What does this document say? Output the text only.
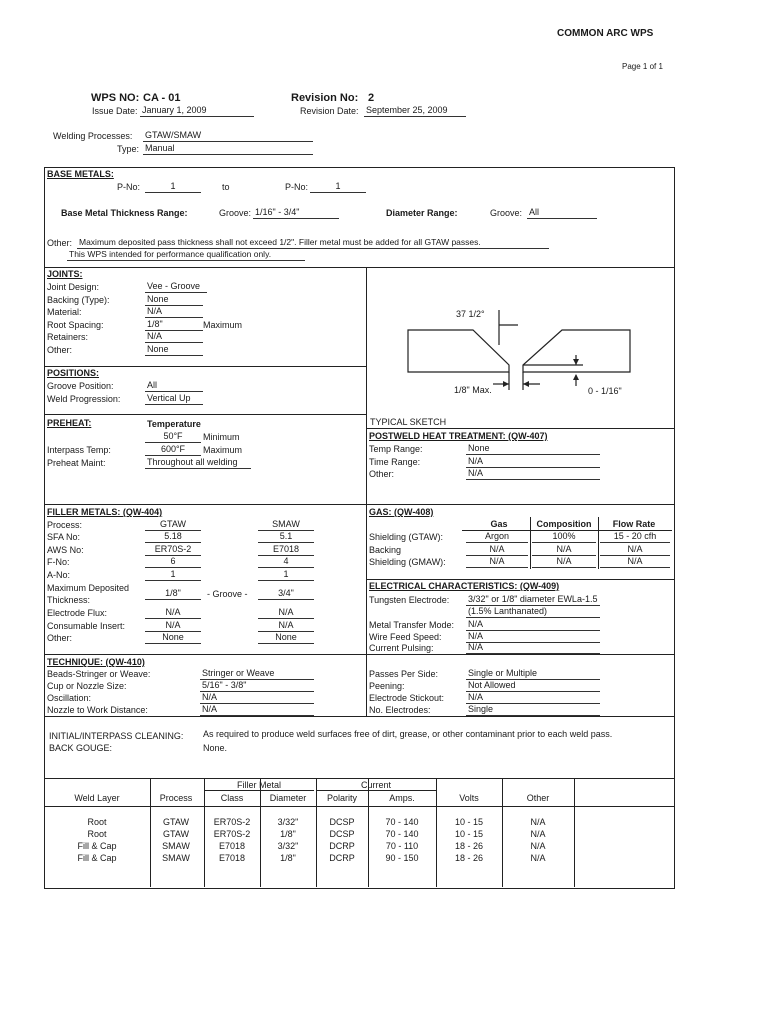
COMMON ARC WPS
Page 1 of 1
WPS NO: CA - 01	Revision No: 2
Issue Date: January 1, 2009	Revision Date: September 25, 2009
Welding Processes: GTAW/SMAW
Type: Manual
BASE METALS:
P-No:	1	to	P-No:	1
Base Metal Thickness Range:	Groove: 1/16" - 3/4"	Diameter Range:	Groove: All
Other: Maximum deposited pass thickness shall not exceed 1/2". Filler metal must be added for all GTAW passes.
This WPS intended for performance qualification only.
JOINTS:
Joint Design:	Vee - Groove
Backing (Type):	None
Material:	N/A
Root Spacing:	1/8"
Retainers:	N/A
Other:	None
Maximum
37 1/2°
1/8" Max.	0 - 1/16"
TYPICAL SKETCH
POSITIONS:
Groove Position:	All
Weld Progression:	Vertical Up
PREHEAT:	Temperature
50°F	Minimum
Interpass Temp:	600°F	Maximum
Preheat Maint:	Throughout all welding
POSTWELD HEAT TREATMENT: (QW-407)
Temp Range:	None
Time Range:	N/A
Other:	N/A
FILLER METALS: (QW-404)
Process:	GTAW	SMAW
SFA No:	5.18	5.1
AWS No:	ER70S-2	E7018
F-No:	6	4
A-No:	1	1
Maximum Deposited
Thickness:
1/8"	- Groove -	3/4"
Electrode Flux:	N/A	N/A
Consumable Insert:	N/A	N/A
Other:	None	None
GAS: (QW-408)
Gas	Composition	Flow Rate
Shielding (GTAW):	Argon	100%	15 - 20 cfh
Backing	N/A	N/A	N/A
Shielding (GMAW):	N/A	N/A	N/A
ELECTRICAL CHARACTERISTICS: (QW-409)
Tungsten Electrode: 3/32" or 1/8" diameter EWLa-1.5
(1.5% Lanthanated)
Metal Transfer Mode: N/A
Wire Feed Speed:	N/A
Current Pulsing:	N/A
TECHNIQUE: (QW-410)
Beads-Stringer or Weave:	Stringer or Weave
Cup or Nozzle Size:	5/16" - 3/8"
Oscillation:	N/A
Nozzle to Work Distance:	N/A
Passes Per Side:	Single or Multiple
Peening:	Not Allowed
Electrode Stickout:	N/A
No. Electrodes:	Single
INITIAL/INTERPASS CLEANING: As required to produce weld surfaces free of dirt, grease, or other contaminant prior to each weld pass.
BACK GOUGE:	None.
Filler Metal	Current
Weld Layer	Process	Class	Diameter	Polarity	Amps.	Volts	Other
Root	GTAW	ER70S-2	3/32"	DCSP	70 - 140	10 - 15	N/A
Root	GTAW	ER70S-2	1/8"	DCSP	70 - 140	10 - 15	N/A
Fill & Cap	SMAW	E7018	3/32"	DCRP	70 - 110	18 - 26	N/A
Fill & Cap	SMAW	E7018	1/8"	DCRP	90 - 150	18 - 26	N/A
